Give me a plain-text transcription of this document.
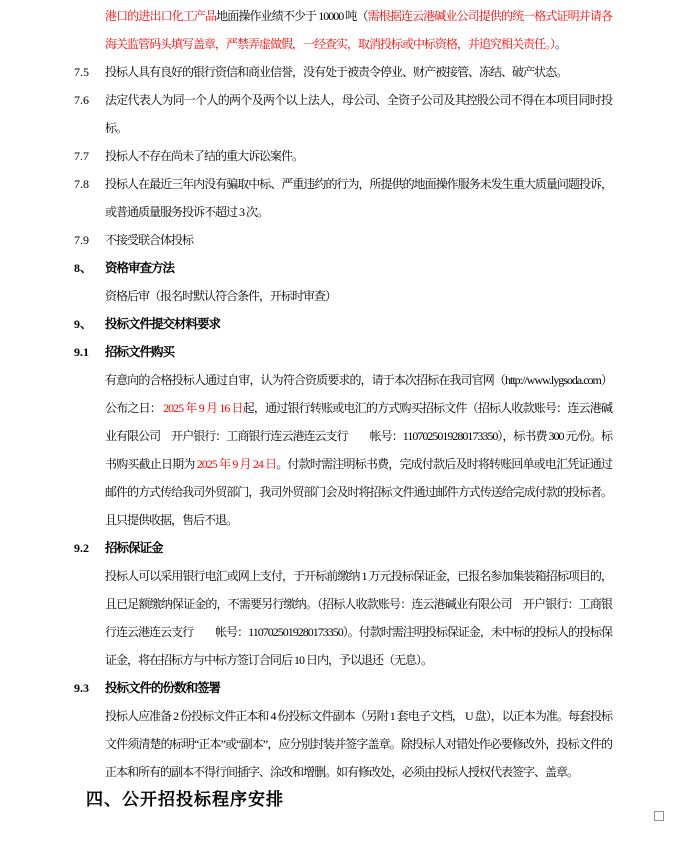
港口的进出口化工产品地面操作业绩不少于 10000 吨（需根据连云港碱业公司提供的统一格式证明并请各海关监管码头填写盖章，严禁弄虚做假，一经查实，取消投标或中标资格，并追究相关责任。）。

7.5	投标人具有良好的银行资信和商业信誉，没有处于被责令停业、财产被接管、冻结、破产状态。
7.6	法定代表人为同一个人的两个及两个以上法人，母公司、全资子公司及其控股公司不得在本项目同时投标。
7.7	投标人不存在尚未了结的重大诉讼案件。
7.8	投标人在最近三年内没有骗取中标、严重违约的行为，所提供的地面操作服务未发生重大质量问题投诉，或普通质量服务投诉不超过 3 次。
7.9	不接受联合体投标
8、	资格审查方法

资格后审（报名时默认符合条件，开标时审查）

9、	投标文件提交材料要求
9.1	招标文件购买

有意向的合格投标人通过自审，认为符合资质要求的，请于本次招标在我司官网（http://www.lygsoda.com）公布之日： 2025 年 9 月 16 日起，通过银行转账或电汇的方式购买招标文件（招标人收款账号：连云港碱业有限公司　开户银行：工商银行连云港连云支行　　帐号：1107025019280173350），标书费 300 元/份。标书购买截止日期为 2025 年 9 月 24 日。付款时需注明标书费，完成付款后及时将转账回单或电汇凭证通过邮件的方式传给我司外贸部门，我司外贸部门会及时将招标文件通过邮件方式传送给完成付款的投标者。且只提供收据，售后不退。

9.2	招标保证金

投标人可以采用银行电汇或网上支付，于开标前缴纳 1 万元投标保证金，已报名参加集装箱招标项目的，且已足额缴纳保证金的，不需要另行缴纳。（招标人收款账号：连云港碱业有限公司　开户银行：工商银行连云港连云支行　　帐号：1107025019280173350）。付款时需注明投标保证金，未中标的投标人的投标保证金，将在招标方与中标方签订合同后 10 日内，予以退还（无息）。

9.3	投标文件的份数和签署

投标人应准备 2 份投标文件正本和 4 份投标文件副本（另附 1 套电子文档， U 盘），以正本为准。每套投标文件须清楚的标明“正本”或“副本”，应分别封装并签字盖章。除投标人对错处作必要修改外，投标文件的正本和所有的副本不得行间插字、涂改和增删。如有修改处，必须由投标人授权代表签字、盖章。

四、公开招投标程序安排
